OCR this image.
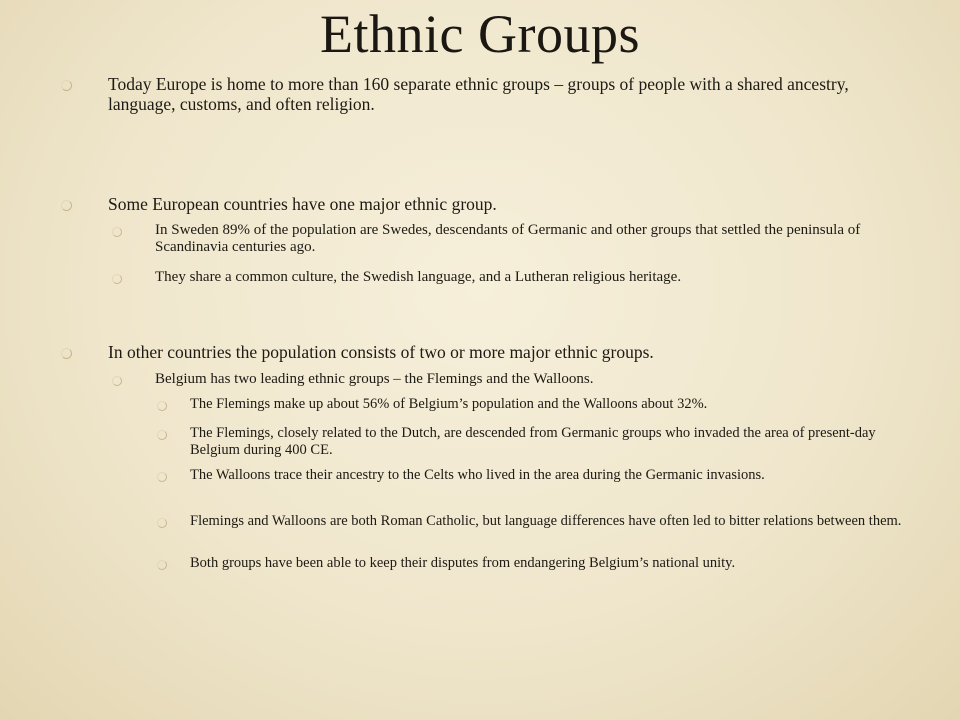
Ethnic Groups
Today Europe is home to more than 160 separate ethnic groups – groups of people with a shared ancestry, language, customs, and often religion.
Some European countries have one major ethnic group.
In Sweden 89% of the population are Swedes, descendants of Germanic and other groups that settled the peninsula of Scandinavia centuries ago.
They share a common culture, the Swedish language, and a Lutheran religious heritage.
In other countries the population consists of two or more major ethnic groups.
Belgium has two leading ethnic groups – the Flemings and the Walloons.
The Flemings make up about 56% of Belgium’s population and the Walloons about 32%.
The Flemings, closely related to the Dutch, are descended from Germanic groups who invaded the area of present-day Belgium during 400 CE.
The Walloons trace their ancestry to the Celts who lived in the area during the Germanic invasions.
Flemings and Walloons are both Roman Catholic, but language differences have often led to bitter relations between them.
Both groups have been able to keep their disputes from endangering Belgium’s national unity.
